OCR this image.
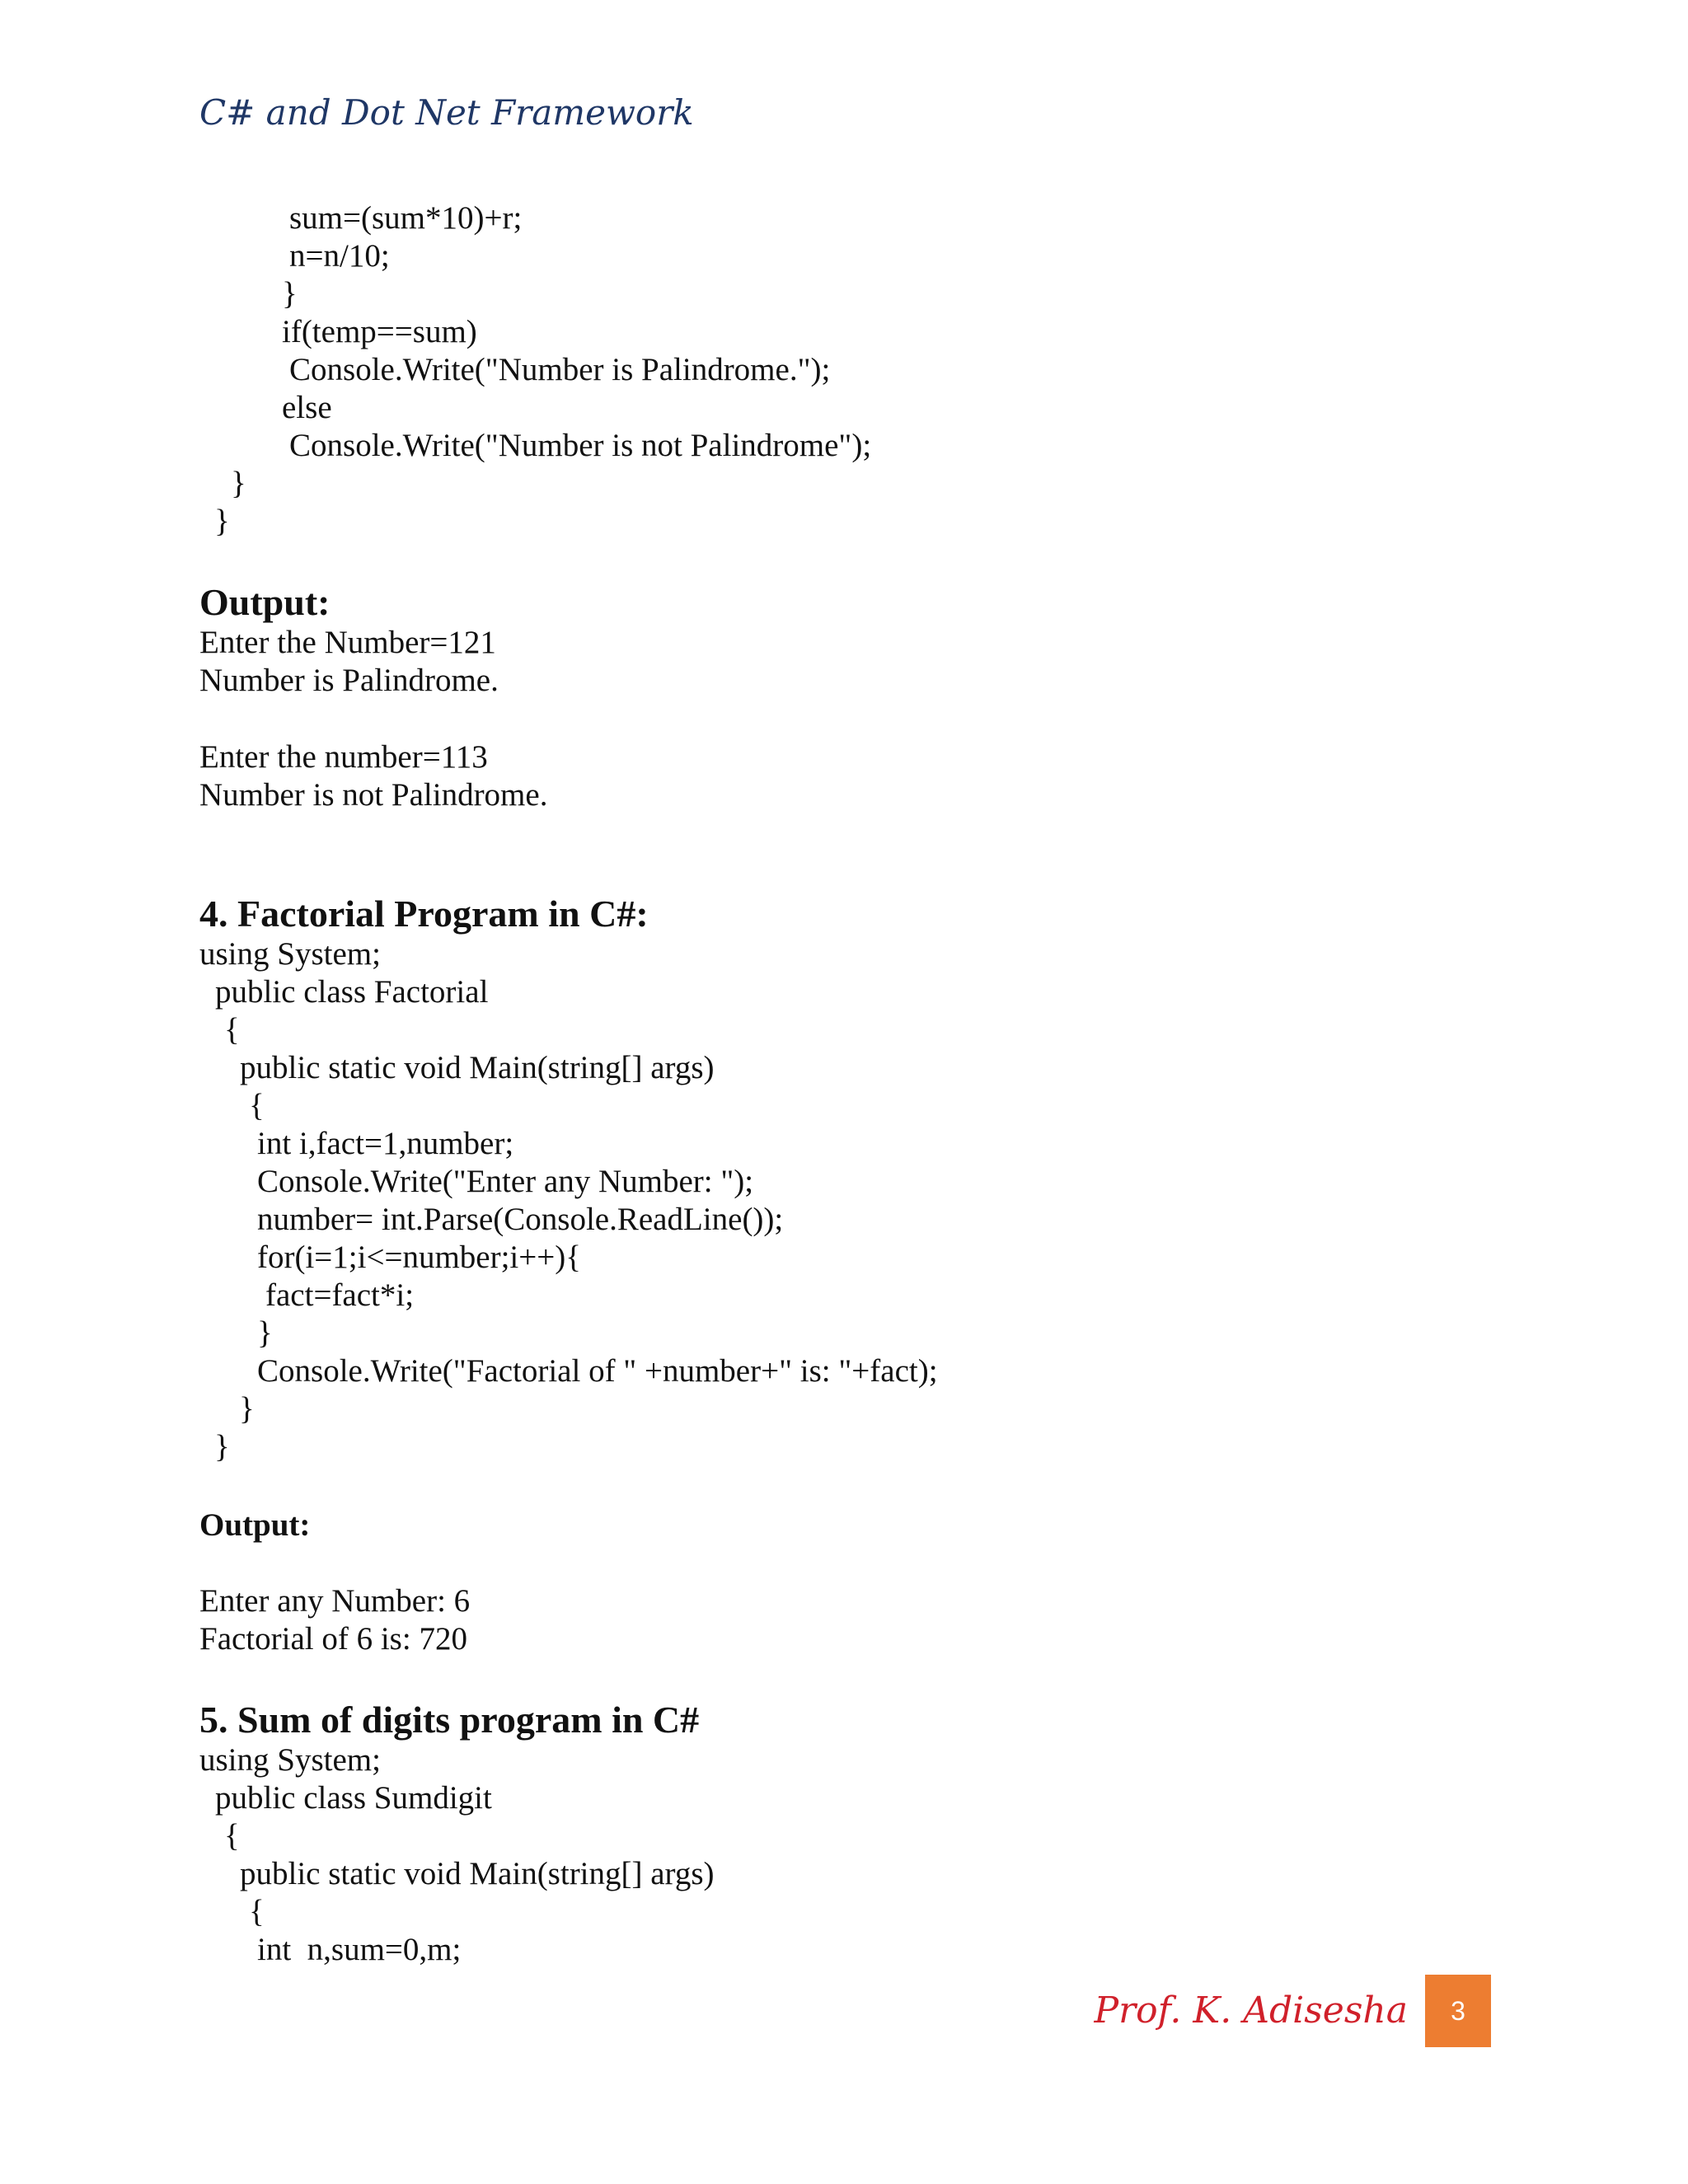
C# and Dot Net Framework
sum=(sum*10)+r;
n=n/10;
}
if(temp==sum)
Console.Write("Number is Palindrome.");
else
Console.Write("Number is not Palindrome");
}
}
Output:
Enter the Number=121
Number is Palindrome.
Enter the number=113
Number is not Palindrome.
4. Factorial Program in C#:
using System;
public class Factorial
{
public static void Main(string[] args)
{
int i,fact=1,number;
Console.Write("Enter any Number: ");
number= int.Parse(Console.ReadLine());
for(i=1;i<=number;i++){
fact=fact*i;
}
Console.Write("Factorial of " +number+" is: "+fact);
}
}
Output:
Enter any Number: 6
Factorial of 6 is: 720
5. Sum of digits program in C#
using System;
public class Sumdigit
{
public static void Main(string[] args)
{
int  n,sum=0,m;
Prof. K. Adisesha	3
